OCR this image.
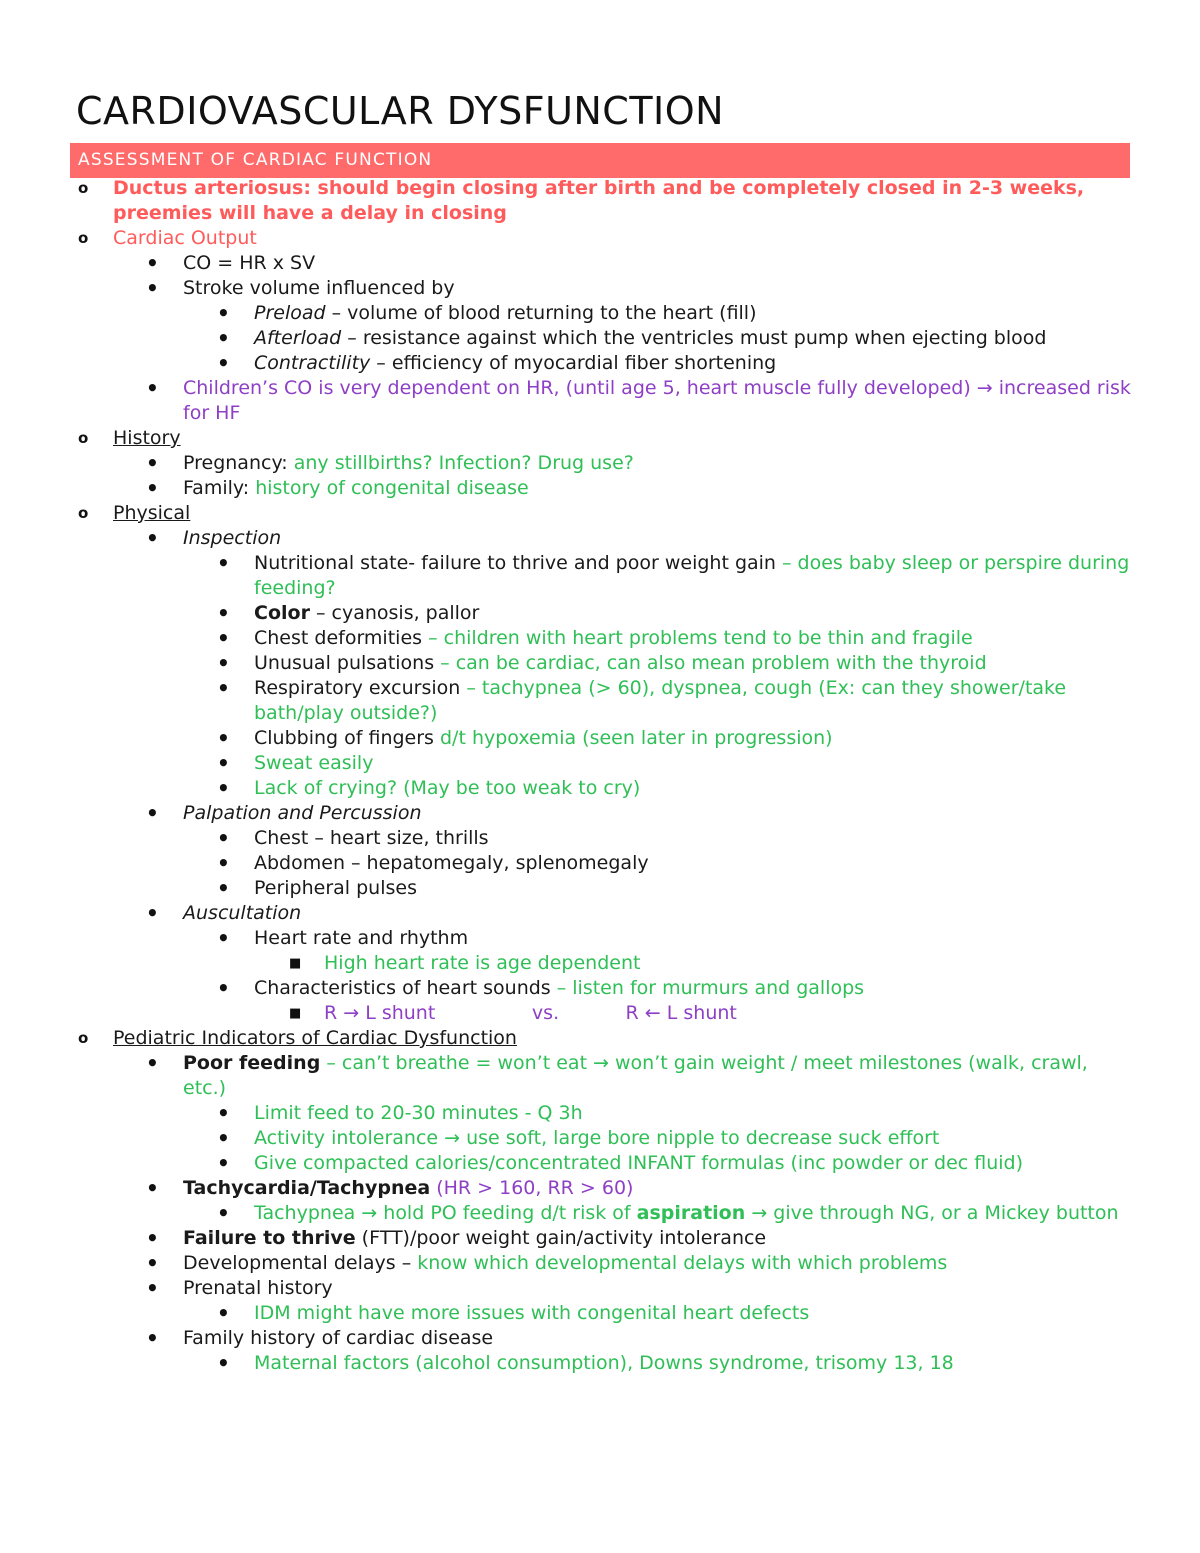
CARDIOVASCULAR DYSFUNCTION
ASSESSMENT OF CARDIAC FUNCTION
o Ductus arteriosus: should begin closing after birth and be completely closed in 2-3 weeks, preemies will have a delay in closing
o Cardiac Output
• CO = HR x SV
• Stroke volume influenced by
• Preload – volume of blood returning to the heart (fill)
• Afterload – resistance against which the ventricles must pump when ejecting blood
• Contractility – efficiency of myocardial fiber shortening
• Children’s CO is very dependent on HR, (until age 5, heart muscle fully developed) → increased risk for HF
o History
• Pregnancy: any stillbirths? Infection? Drug use?
• Family: history of congenital disease
o Physical
• Inspection
• Nutritional state- failure to thrive and poor weight gain – does baby sleep or perspire during feeding?
• Color – cyanosis, pallor
• Chest deformities – children with heart problems tend to be thin and fragile
• Unusual pulsations – can be cardiac, can also mean problem with the thyroid
• Respiratory excursion – tachypnea (> 60), dyspnea, cough (Ex: can they shower/take bath/play outside?)
• Clubbing of fingers d/t hypoxemia (seen later in progression)
• Sweat easily
• Lack of crying? (May be too weak to cry)
• Palpation and Percussion
• Chest – heart size, thrills
• Abdomen – hepatomegaly, splenomegaly
• Peripheral pulses
• Auscultation
• Heart rate and rhythm
■ High heart rate is age dependent
• Characteristics of heart sounds – listen for murmurs and gallops
■ R → L shunt                vs.           R ← L shunt
o Pediatric Indicators of Cardiac Dysfunction
• Poor feeding – can’t breathe = won’t eat → won’t gain weight / meet milestones (walk, crawl, etc.)
• Limit feed to 20-30 minutes - Q 3h
• Activity intolerance → use soft, large bore nipple to decrease suck effort
• Give compacted calories/concentrated INFANT formulas (inc powder or dec fluid)
• Tachycardia/Tachypnea (HR > 160, RR > 60)
• Tachypnea → hold PO feeding d/t risk of aspiration → give through NG, or a Mickey button
• Failure to thrive (FTT)/poor weight gain/activity intolerance
• Developmental delays – know which developmental delays with which problems
• Prenatal history
• IDM might have more issues with congenital heart defects
• Family history of cardiac disease
• Maternal factors (alcohol consumption), Downs syndrome, trisomy 13, 18
